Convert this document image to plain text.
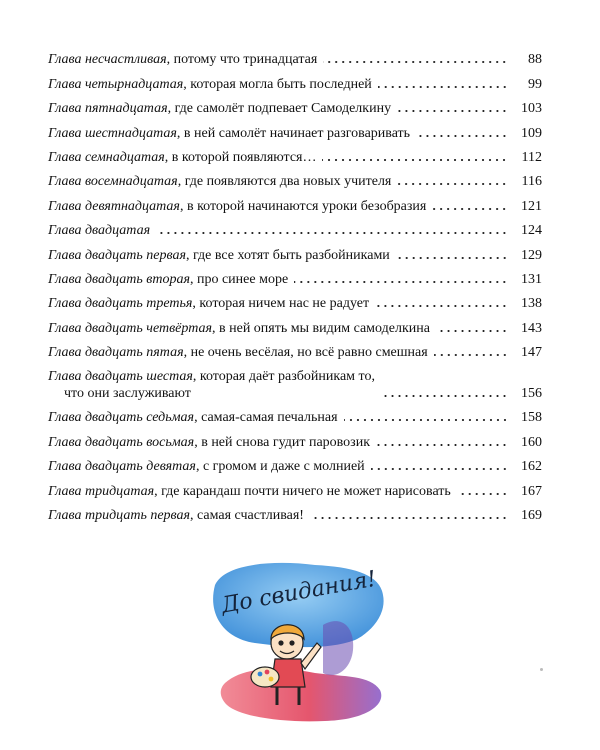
Глава несчастливая, потому что тринадцатая	88
Глава четырнадцатая, которая могла быть последней	99
Глава пятнадцатая, где самолёт подпевает Самоделкину	103
Глава шестнадцатая, в ней самолёт начинает разговаривать	109
Глава семнадцатая, в которой появляются…	112
Глава восемнадцатая, где появляются два новых учителя	116
Глава девятнадцатая, в которой начинаются уроки безобразия	121
Глава двадцатая	124
Глава двадцать первая, где все хотят быть разбойниками	129
Глава двадцать вторая, про синее море	131
Глава двадцать третья, которая ничем нас не радует	138
Глава двадцать четвёртая, в ней опять мы видим самоделкина	143
Глава двадцать пятая, не очень весёлая, но всё равно смешная	147
Глава двадцать шестая, которая даёт разбойникам то,
что они заслуживают	156
Глава двадцать седьмая, самая-самая печальная	158
Глава двадцать восьмая, в ней снова гудит паровозик	160
Глава двадцать девятая, с громом и даже с молнией	162
Глава тридцатая, где карандаш почти ничего не может нарисовать	167
Глава тридцать первая, самая счастливая!	169
До свидания!
